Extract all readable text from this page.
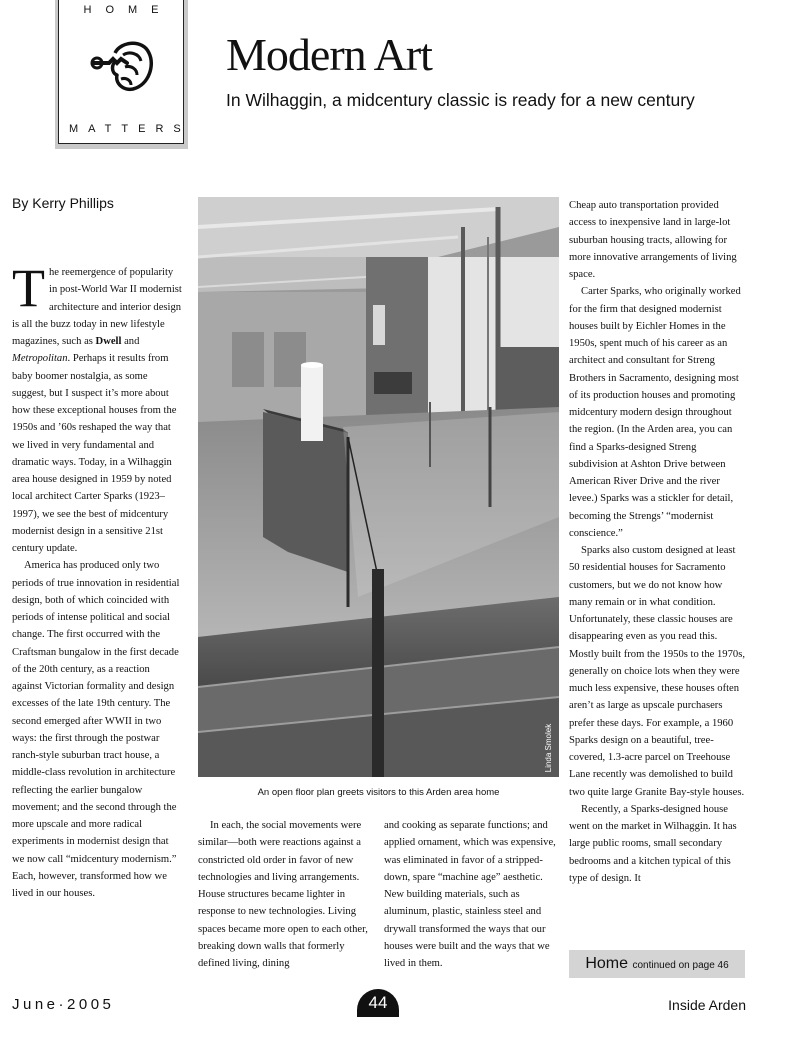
HOME
MATTERS
Modern Art
In Wilhaggin, a midcentury classic is ready for a new century
By Kerry Phillips

The reemergence of popularity in post-World War II modernist architecture and interior design is all the buzz today in new lifestyle magazines, such as Dwell and Metropolitan. Perhaps it results from baby boomer nostalgia, as some suggest, but I suspect it’s more about how these exceptional houses from the 1950s and ’60s reshaped the way that we lived in very fundamental and dramatic ways. Today, in a Wilhaggin area house designed in 1959 by noted local architect Carter Sparks (1923–1997), we see the best of midcentury modernist design in a sensitive 21st century update.

America has produced only two periods of true innovation in residential design, both of which coincided with periods of intense political and social change. The first occurred with the Craftsman bungalow in the first decade of the 20th century, as a reaction against Victorian formality and design excesses of the late 19th century. The second emerged after WWII in two ways: the first through the postwar ranch-style suburban tract house, a middle-class revolution in architecture reflecting the earlier bungalow movement; and the second through the more upscale and more radical experiments in modernist design that we now call “midcentury modernism.” Each, however, transformed how we lived in our houses.

Linda Smolek
An open floor plan greets visitors to this Arden area home

In each, the social movements were similar—both were reactions against a constricted old order in favor of new technologies and living arrangements. House structures became lighter in response to new technologies. Living spaces became more open to each other, breaking down walls that formerly defined living, dining

and cooking as separate functions; and applied ornament, which was expensive, was eliminated in favor of a stripped-down, spare “machine age” aesthetic. New building materials, such as aluminum, plastic, stainless steel and drywall transformed the ways that our houses were built and the ways that we lived in them.

Cheap auto transportation provided access to inexpensive land in large-lot suburban housing tracts, allowing for more innovative arrangements of living space.

Carter Sparks, who originally worked for the firm that designed modernist houses built by Eichler Homes in the 1950s, spent much of his career as an architect and consultant for Streng Brothers in Sacramento, designing most of its production houses and promoting midcentury modern design throughout the region. (In the Arden area, you can find a Sparks-designed Streng subdivision at Ashton Drive between American River Drive and the river levee.) Sparks was a stickler for detail, becoming the Strengs’ “modernist conscience.”

Sparks also custom designed at least 50 residential houses for Sacramento customers, but we do not know how many remain or in what condition. Unfortunately, these classic houses are disappearing even as you read this. Mostly built from the 1950s to the 1970s, generally on choice lots when they were much less expensive, these houses often aren’t as large as upscale purchasers prefer these days. For example, a 1960 Sparks design on a beautiful, tree-covered, 1.3-acre parcel on Treehouse Lane recently was demolished to build two quite large Granite Bay-style houses.

Recently, a Sparks-designed house went on the market in Wilhaggin. It has large public rooms, small secondary bedrooms and a kitchen typical of this type of design. It

Home continued on page 46
June·2005	44	Inside Arden
